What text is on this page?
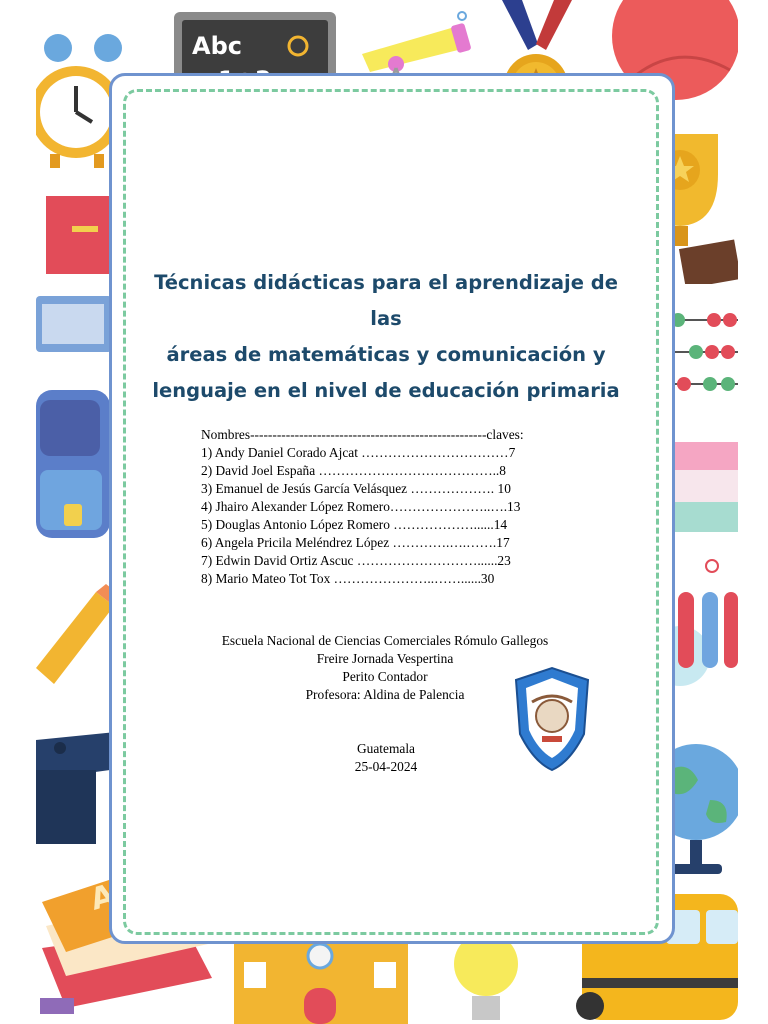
Abc
Técnicas didácticas para el aprendizaje de las
áreas de matemáticas y comunicación y
lenguaje en el nivel de educación primaria
Nombres-----------------------------------------------------claves:
1) Andy Daniel Corado Ajcat ……………………………7
2) David Joel España …………………………………..8
3) Emanuel de Jesús García Velásquez ………………. 10
4) Jhairo Alexander López Romero…………………..….13
5) Douglas Antonio López Romero ………………......14
6) Angela Pricila Meléndrez López ………….….…….17
7) Edwin David Ortiz Ascuc ………………………......23
8) Mario Mateo Tot Tox …………………..……......30
Escuela Nacional de Ciencias Comerciales Rómulo Gallegos
Freire Jornada Vespertina
Perito Contador
Profesora: Aldina de Palencia
Guatemala
25-04-2024
